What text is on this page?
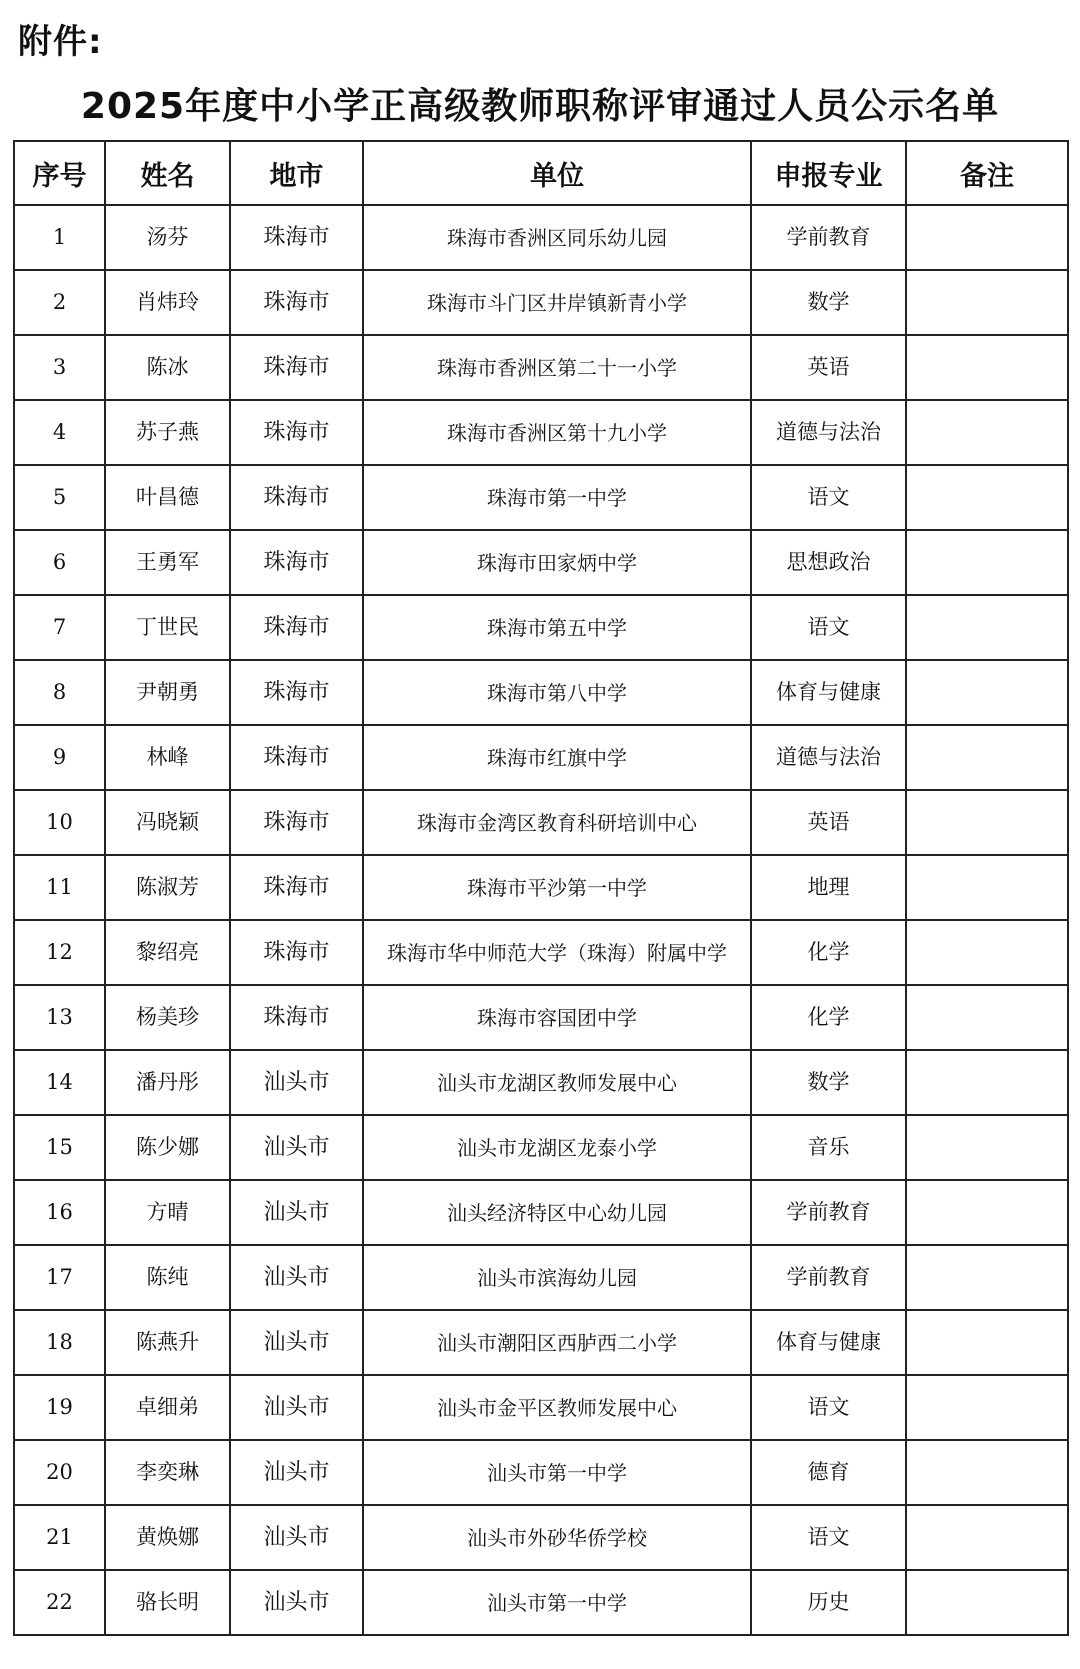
附件:
2025年度中小学正高级教师职称评审通过人员公示名单
序号	姓名	地市	单位	申报专业	备注
1	汤芬	珠海市	珠海市香洲区同乐幼儿园	学前教育	
2	肖炜玲	珠海市	珠海市斗门区井岸镇新青小学	数学	
3	陈冰	珠海市	珠海市香洲区第二十一小学	英语	
4	苏子燕	珠海市	珠海市香洲区第十九小学	道德与法治	
5	叶昌德	珠海市	珠海市第一中学	语文	
6	王勇军	珠海市	珠海市田家炳中学	思想政治	
7	丁世民	珠海市	珠海市第五中学	语文	
8	尹朝勇	珠海市	珠海市第八中学	体育与健康	
9	林峰	珠海市	珠海市红旗中学	道德与法治	
10	冯晓颖	珠海市	珠海市金湾区教育科研培训中心	英语	
11	陈淑芳	珠海市	珠海市平沙第一中学	地理	
12	黎绍亮	珠海市	珠海市华中师范大学（珠海）附属中学	化学	
13	杨美珍	珠海市	珠海市容国团中学	化学	
14	潘丹彤	汕头市	汕头市龙湖区教师发展中心	数学	
15	陈少娜	汕头市	汕头市龙湖区龙泰小学	音乐	
16	方晴	汕头市	汕头经济特区中心幼儿园	学前教育	
17	陈纯	汕头市	汕头市滨海幼儿园	学前教育	
18	陈燕升	汕头市	汕头市潮阳区西胪西二小学	体育与健康	
19	卓细弟	汕头市	汕头市金平区教师发展中心	语文	
20	李奕琳	汕头市	汕头市第一中学	德育	
21	黄焕娜	汕头市	汕头市外砂华侨学校	语文	
22	骆长明	汕头市	汕头市第一中学	历史	
